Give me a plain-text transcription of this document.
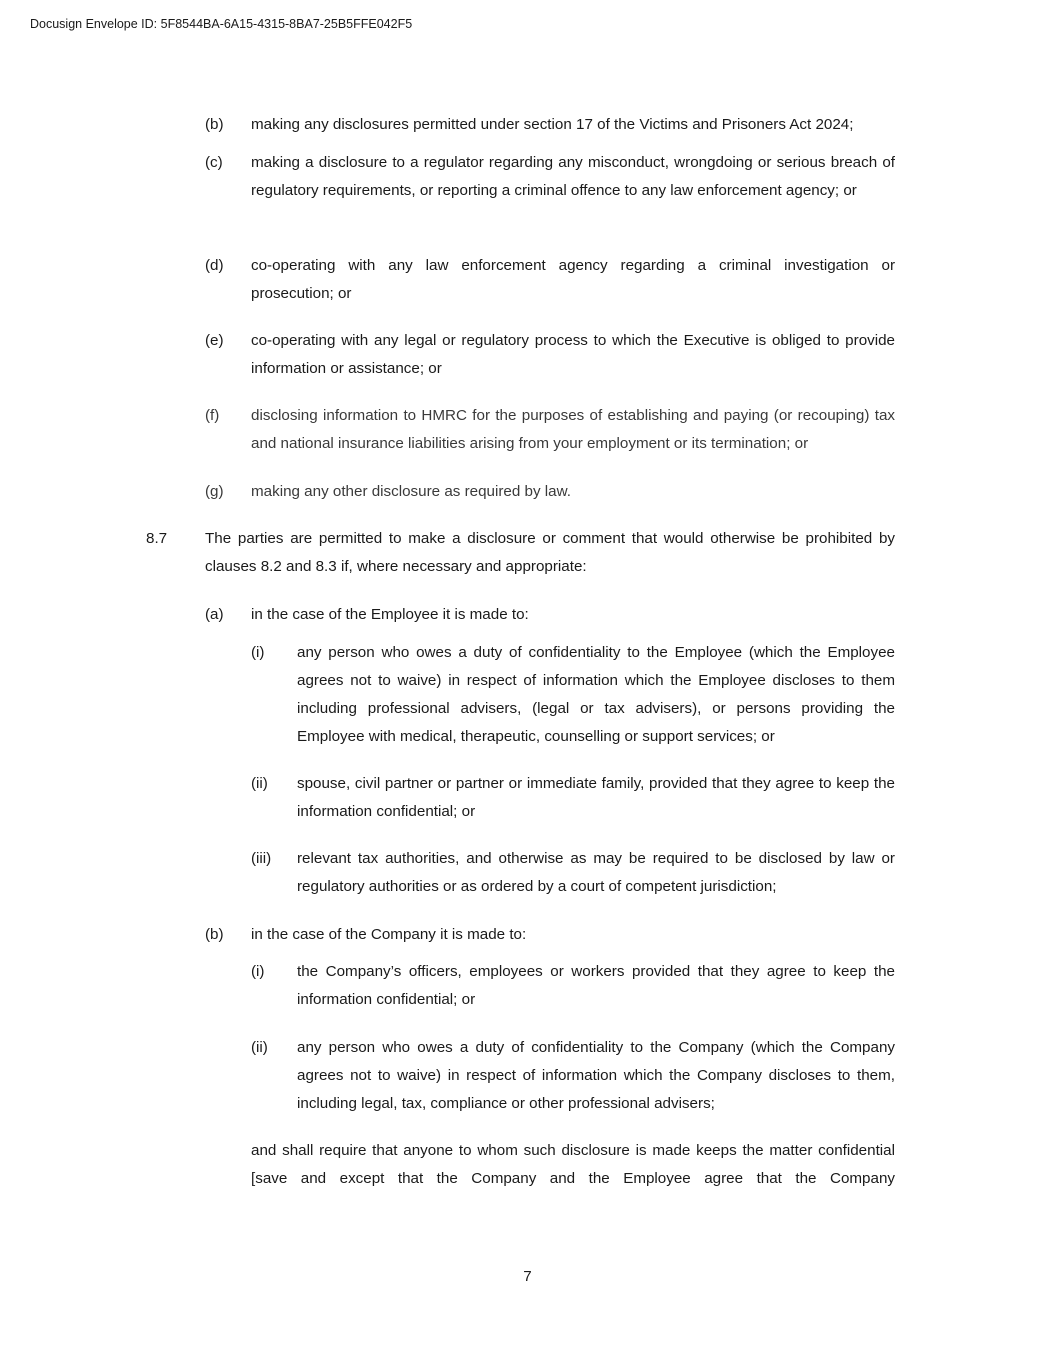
Docusign Envelope ID: 5F8544BA-6A15-4315-8BA7-25B5FFE042F5
(b) making any disclosures permitted under section 17 of the Victims and Prisoners Act 2024;
(c) making a disclosure to a regulator regarding any misconduct, wrongdoing or serious breach of regulatory requirements, or reporting a criminal offence to any law enforcement agency; or
(d) co-operating with any law enforcement agency regarding a criminal investigation or prosecution; or
(e) co-operating with any legal or regulatory process to which the Executive is obliged to provide information or assistance; or
(f) disclosing information to HMRC for the purposes of establishing and paying (or recouping) tax and national insurance liabilities arising from your employment or its termination; or
(g) making any other disclosure as required by law.
8.7 The parties are permitted to make a disclosure or comment that would otherwise be prohibited by clauses 8.2 and 8.3 if, where necessary and appropriate:
(a) in the case of the Employee it is made to:
(i) any person who owes a duty of confidentiality to the Employee (which the Employee agrees not to waive) in respect of information which the Employee discloses to them including professional advisers, (legal or tax advisers), or persons providing the Employee with medical, therapeutic, counselling or support services; or
(ii) spouse, civil partner or partner or immediate family, provided that they agree to keep the information confidential; or
(iii) relevant tax authorities, and otherwise as may be required to be disclosed by law or regulatory authorities or as ordered by a court of competent jurisdiction;
(b) in the case of the Company it is made to:
(i) the Company’s officers, employees or workers provided that they agree to keep the information confidential; or
(ii) any person who owes a duty of confidentiality to the Company (which the Company agrees not to waive) in respect of information which the Company discloses to them, including legal, tax, compliance or other professional advisers;
and shall require that anyone to whom such disclosure is made keeps the matter confidential [save and except that the Company and the Employee agree that the Company
7
